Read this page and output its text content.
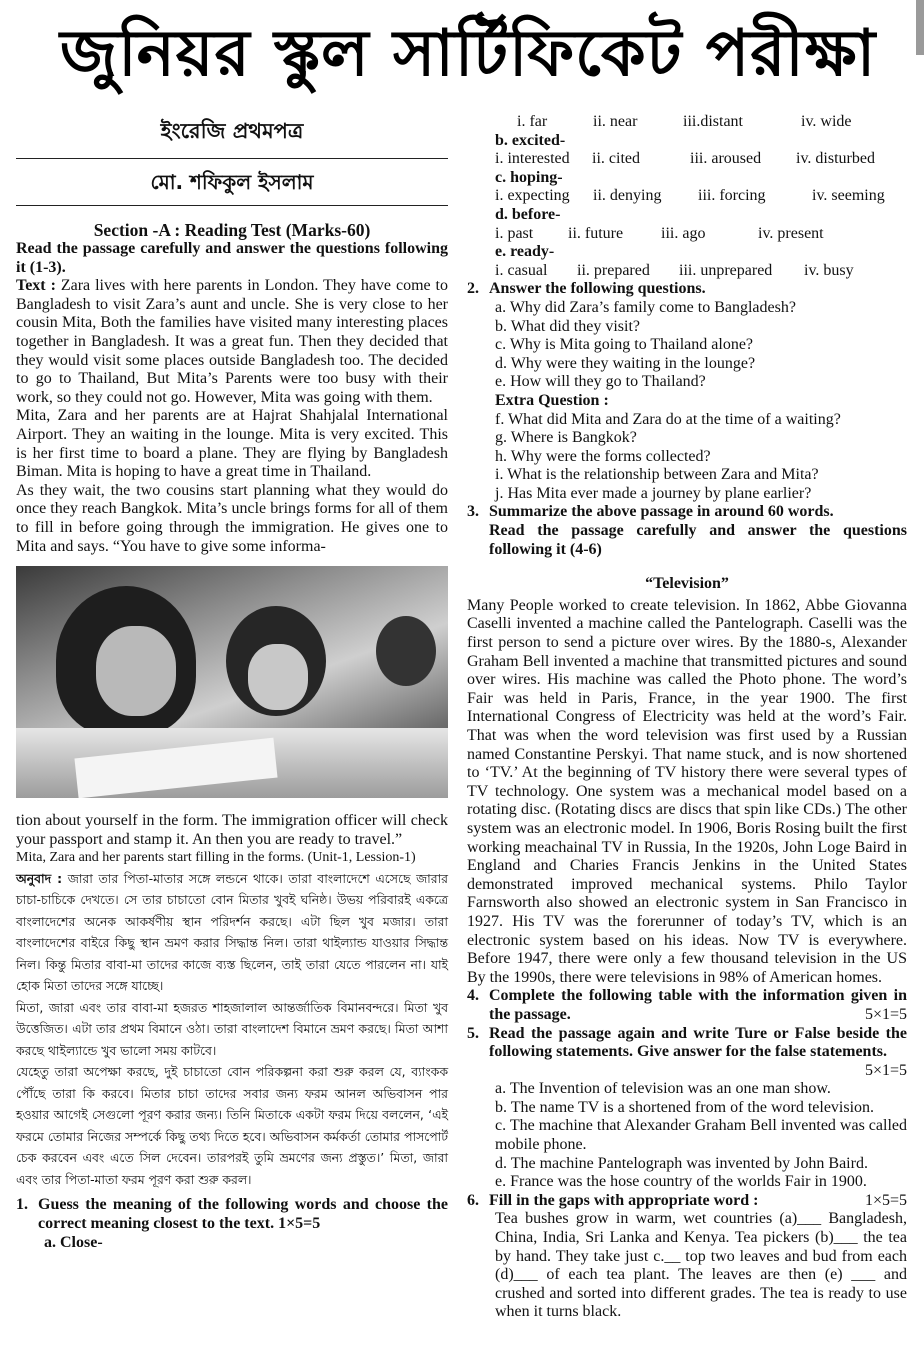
জুনিয়র স্কুল সার্টিফিকেট পরীক্ষা
ইংরেজি প্রথমপত্র
মো. শফিকুল ইসলাম
Section -A : Reading Test (Marks-60)

Read the passage carefully and answer the questions following it (1-3).

Text : Zara lives with here parents in London. They have come to Bangladesh to visit Zara’s aunt and uncle. She is very close to her cousin Mita, Both the families have visited many interesting places together in Bangladesh. It was a great fun. Then they decided that they would visit some places outside Bangladesh too. The decided to go to Thailand, But Mita’s Parents were too busy with their work, so they could not go. However, Mita was going with them.

Mita, Zara and her parents are at Hajrat Shahjalal International Airport. They an waiting in the lounge. Mita is very excited. This is her first time to board a plane. They are flying by Bangladesh Biman. Mita is hoping to have a great time in Thailand.

As they wait, the two cousins start planning what they would do once they reach Bangkok. Mita’s uncle brings forms for all of them to fill in before going through the immigration. He gives one to Mita and says. “You have to give some informa-

tion about yourself in the form. The immigration officer will check your passport and stamp it. An then you are ready to travel.”

Mita, Zara and her parents start filling in the forms. (Unit-1, Lession-1)

অনুবাদ : জারা তার পিতা-মাতার সঙ্গে লন্ডনে থাকে। তারা বাংলাদেশে এসেছে জারার চাচা-চাচিকে দেখতে। সে তার চাচাতো বোন মিতার খুবই ঘনিষ্ঠ। উভয় পরিবারই একত্রে বাংলাদেশের অনেক আকর্ষণীয় স্থান পরিদর্শন করছে। এটা ছিল খুব মজার। তারা বাংলাদেশের বাইরে কিছু স্থান ভ্রমণ করার সিদ্ধান্ত নিল। তারা থাইল্যান্ড যাওয়ার সিদ্ধান্ত নিল। কিন্তু মিতার বাবা-মা তাদের কাজে ব্যস্ত ছিলেন, তাই তারা যেতে পারলেন না। যাই হোক মিতা তাদের সঙ্গে যাচ্ছে।

মিতা, জারা এবং তার বাবা-মা হজরত শাহজালাল আন্তর্জাতিক বিমানবন্দরে। মিতা খুব উত্তেজিত। এটা তার প্রথম বিমানে ওঠা। তারা বাংলাদেশ বিমানে ভ্রমণ করছে। মিতা আশা করছে থাইল্যান্ডে খুব ভালো সময় কাটবে।

যেহেতু তারা অপেক্ষা করছে, দুই চাচাতো বোন পরিকল্পনা করা শুরু করল যে, ব্যাংকক পৌঁছে তারা কি করবে। মিতার চাচা তাদের সবার জন্য ফরম আনল অভিবাসন পার হওয়ার আগেই সেগুলো পূরণ করার জন্য। তিনি মিতাকে একটা ফরম দিয়ে বললেন, ‘এই ফরমে তোমার নিজের সম্পর্কে কিছু তথ্য দিতে হবে। অভিবাসন কর্মকর্তা তোমার পাসপোর্ট চেক করবেন এবং এতে সিল দেবেন। তারপরই তুমি ভ্রমণের জন্য প্রস্তুত।’ মিতা, জারা এবং তার পিতা-মাতা ফরম পূরণ করা শুরু করল।

1. Guess the meaning of the following words and choose the correct meaning closest to the text. 1×5=5
a. Close-
i. far	ii. near	iii.distant	iv. wide
b. excited-
i. interested	ii. cited	iii. aroused	iv. disturbed
c. hoping-
i. expecting	ii. denying	iii. forcing	iv. seeming
d. before-
i. past	ii. future	iii. ago	iv. present
e. ready-
i. casual	ii. prepared	iii. unprepared	iv. busy
2. Answer the following questions.
a. Why did Zara’s family come to Bangladesh?
b. What did they visit?
c. Why is Mita going to Thailand alone?
d. Why were they waiting in the lounge?
e. How will they go to Thailand?
Extra Question :
f. What did Mita and Zara do at the time of a waiting?
g. Where is Bangkok?
h. Why were the forms collected?
i. What is the relationship between Zara and Mita?
j. Has Mita ever made a journey by plane earlier?
3. Summarize the above passage in around 60 words.
Read the passage carefully and answer the questions following it (4-6)
“Television”

Many People worked to create television. In 1862, Abbe Giovanna Caselli invented a machine called the Pantelograph. Caselli was the first person to send a picture over wires. By the 1880-s, Alexander Graham Bell invented a machine that transmitted pictures and sound over wires. His machine was called the Photo phone. The word’s Fair was held in Paris, France, in the year 1900. The first International Congress of Electricity was held at the word’s Fair. That was when the word television was first used by a Russian named Constantine Perskyi. That name stuck, and is now shortened to ‘TV.’ At the beginning of TV history there were several types of TV technology. One system was a mechanical model based on a rotating disc. (Rotating discs are discs that spin like CDs.) The other system was an electronic model. In 1906, Boris Rosing built the first working meachainal TV in Russia, In the 1920s, John Loge Baird in England and Charies Francis Jenkins in the United States demonstrated improved mechanical systems. Philo Taylor Farnsworth also showed an electronic system in San Francisco in 1927. His TV was the forerunner of today’s TV, which is an electronic system based on his ideas. Now TV is everywhere. Before 1947, there were only a few thousand television in the US By the 1990s, there were televisions in 98% of American homes.

4. Complete the following table with the information given in the passage.	5×1=5
5. Read the passage again and write Ture or False beside the following statements. Give answer for the false statements.
5×1=5
a. The Invention of television was an one man show.
b. The name TV is a shortened from of the word television.
c. The machine that Alexander Graham Bell invented was called mobile phone.
d. The machine Pantelograph was invented by John Baird.
e. France was the hose country of the worlds Fair in 1900.
6. Fill in the gaps with appropriate word :	1×5=5

Tea bushes grow in warm, wet countries (a)___ Bangladesh, China, India, Sri Lanka and Kenya. Tea pickers (b)___ the tea by hand. They take just c.__ top two leaves and bud from each (d)___ of each tea plant. The leaves are then (e) ___ and crushed and sorted into different grades. The tea is ready to use when it turns black.
